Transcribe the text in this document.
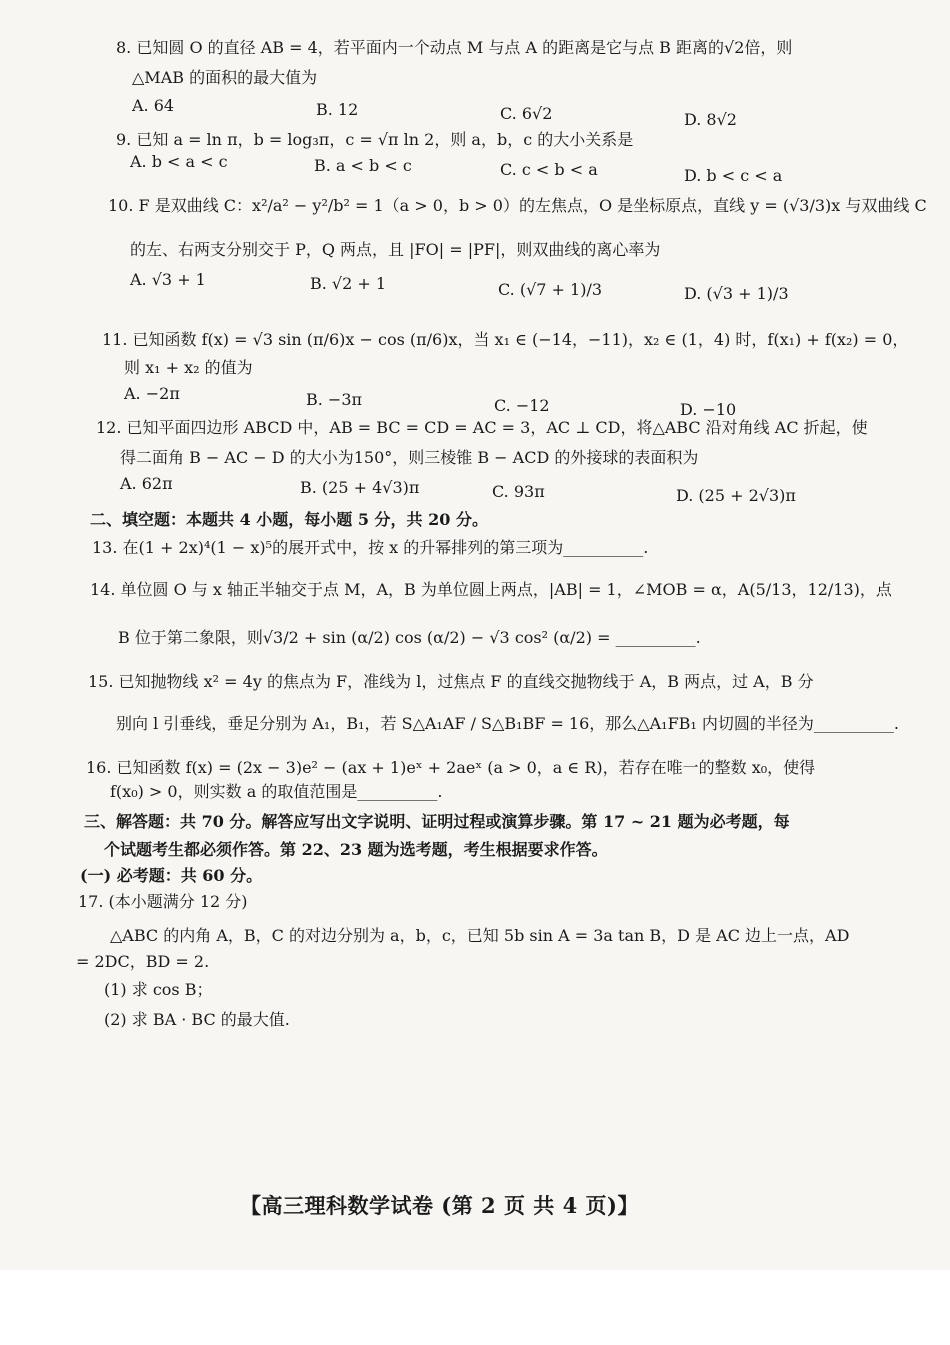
8. 已知圆 O 的直径 AB = 4，若平面内一个动点 M 与点 A 的距离是它与点 B 距离的√2倍，则
△MAB 的面积的最大值为
A. 64	B. 12	C. 6√2	D. 8√2
9. 已知 a = ln π，b = log₃π，c = √π ln 2，则 a，b，c 的大小关系是
A. b < a < c	B. a < b < c	C. c < b < a	D. b < c < a
10. F 是双曲线 C：x²/a² − y²/b² = 1（a > 0，b > 0）的左焦点，O 是坐标原点，直线 y = (√3/3)x 与双曲线 C
的左、右两支分别交于 P，Q 两点，且 |FO| = |PF|，则双曲线的离心率为
A. √3 + 1	B. √2 + 1	C. (√7 + 1)/3	D. (√3 + 1)/3
11. 已知函数 f(x) = √3 sin (π/6)x − cos (π/6)x，当 x₁ ∈ (−14，−11)，x₂ ∈ (1，4) 时，f(x₁) + f(x₂) = 0，
则 x₁ + x₂ 的值为
A. −2π	B. −3π	C. −12	D. −10
12. 已知平面四边形 ABCD 中，AB = BC = CD = AC = 3，AC ⊥ CD，将△ABC 沿对角线 AC 折起，使
得二面角 B − AC − D 的大小为150°，则三棱锥 B − ACD 的外接球的表面积为
A. 62π	B. (25 + 4√3)π	C. 93π	D. (25 + 2√3)π
二、填空题：本题共 4 小题，每小题 5 分，共 20 分。
13. 在(1 + 2x)⁴(1 − x)⁵的展开式中，按 x 的升幂排列的第三项为__________.
14. 单位圆 O 与 x 轴正半轴交于点 M，A，B 为单位圆上两点，|AB| = 1，∠MOB = α，A(5/13，12/13)，点
B 位于第二象限，则√3/2 + sin (α/2) cos (α/2) − √3 cos² (α/2) = __________.
15. 已知抛物线 x² = 4y 的焦点为 F，准线为 l，过焦点 F 的直线交抛物线于 A，B 两点，过 A，B 分
别向 l 引垂线，垂足分别为 A₁，B₁，若 S△A₁AF / S△B₁BF = 16，那么△A₁FB₁ 内切圆的半径为__________.
16. 已知函数 f(x) = (2x − 3)e² − (ax + 1)eˣ + 2aeˣ (a > 0，a ∈ R)，若存在唯一的整数 x₀，使得
f(x₀) > 0，则实数 a 的取值范围是__________.
三、解答题：共 70 分。解答应写出文字说明、证明过程或演算步骤。第 17 ~ 21 题为必考题，每
个试题考生都必须作答。第 22、23 题为选考题，考生根据要求作答。
(一) 必考题：共 60 分。
17. (本小题满分 12 分)
△ABC 的内角 A，B，C 的对边分别为 a，b，c，已知 5b sin A = 3a tan B，D 是 AC 边上一点，AD
= 2DC，BD = 2.
(1) 求 cos B；
(2) 求 BA · BC 的最大值.
【高三理科数学试卷 (第 2 页 共 4 页)】
